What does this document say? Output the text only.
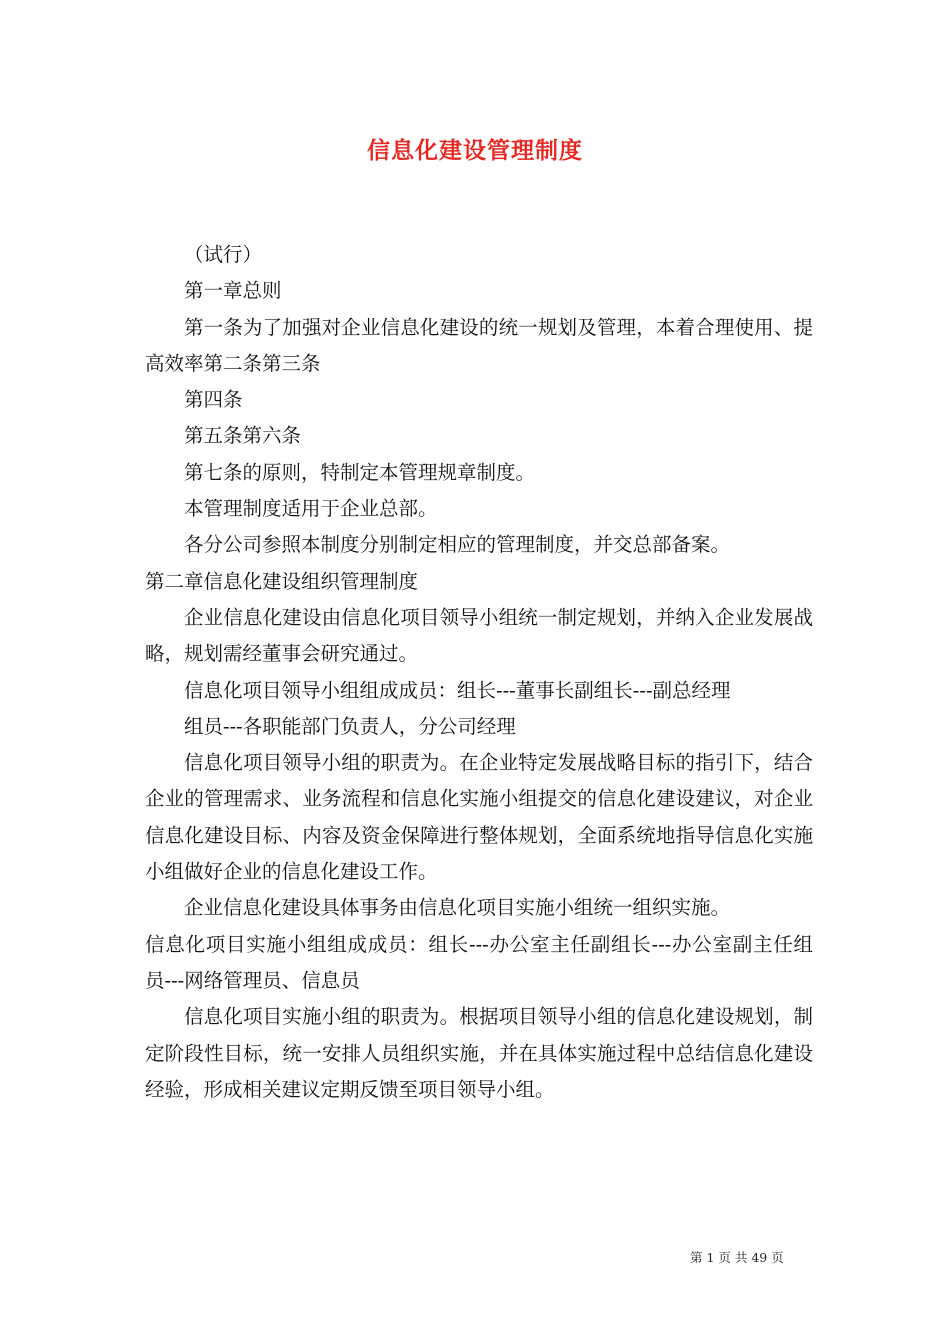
信息化建设管理制度

（试行）

第一章总则

第一条为了加强对企业信息化建设的统一规划及管理，本着合理使用、提高效率第二条第三条

第四条

第五条第六条

第七条的原则，特制定本管理规章制度。

本管理制度适用于企业总部。

各分公司参照本制度分别制定相应的管理制度，并交总部备案。

第二章信息化建设组织管理制度

企业信息化建设由信息化项目领导小组统一制定规划，并纳入企业发展战略，规划需经董事会研究通过。

信息化项目领导小组组成成员：组长---董事长副组长---副总经理

组员---各职能部门负责人，分公司经理

信息化项目领导小组的职责为。在企业特定发展战略目标的指引下，结合企业的管理需求、业务流程和信息化实施小组提交的信息化建设建议，对企业信息化建设目标、内容及资金保障进行整体规划，全面系统地指导信息化实施小组做好企业的信息化建设工作。

企业信息化建设具体事务由信息化项目实施小组统一组织实施。

信息化项目实施小组组成成员：组长---办公室主任副组长---办公室副主任组员---网络管理员、信息员

信息化项目实施小组的职责为。根据项目领导小组的信息化建设规划，制定阶段性目标，统一安排人员组织实施，并在具体实施过程中总结信息化建设经验，形成相关建议定期反馈至项目领导小组。

第 1 页 共 49 页
